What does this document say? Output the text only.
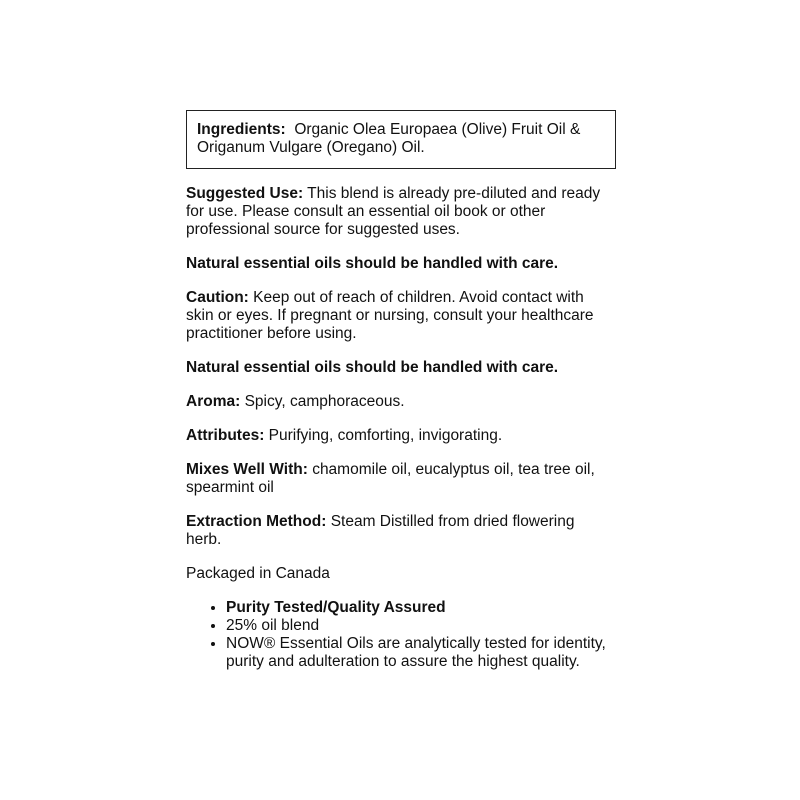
Ingredients: Organic Olea Europaea (Olive) Fruit Oil & Origanum Vulgare (Oregano) Oil.

Suggested Use: This blend is already pre-diluted and ready for use. Please consult an essential oil book or other professional source for suggested uses.

Natural essential oils should be handled with care.

Caution: Keep out of reach of children. Avoid contact with skin or eyes. If pregnant or nursing, consult your healthcare practitioner before using.

Natural essential oils should be handled with care.

Aroma: Spicy, camphoraceous.

Attributes: Purifying, comforting, invigorating.

Mixes Well With: chamomile oil, eucalyptus oil, tea tree oil, spearmint oil

Extraction Method: Steam Distilled from dried flowering herb.

Packaged in Canada

• Purity Tested/Quality Assured
• 25% oil blend
• NOW® Essential Oils are analytically tested for identity, purity and adulteration to assure the highest quality.
